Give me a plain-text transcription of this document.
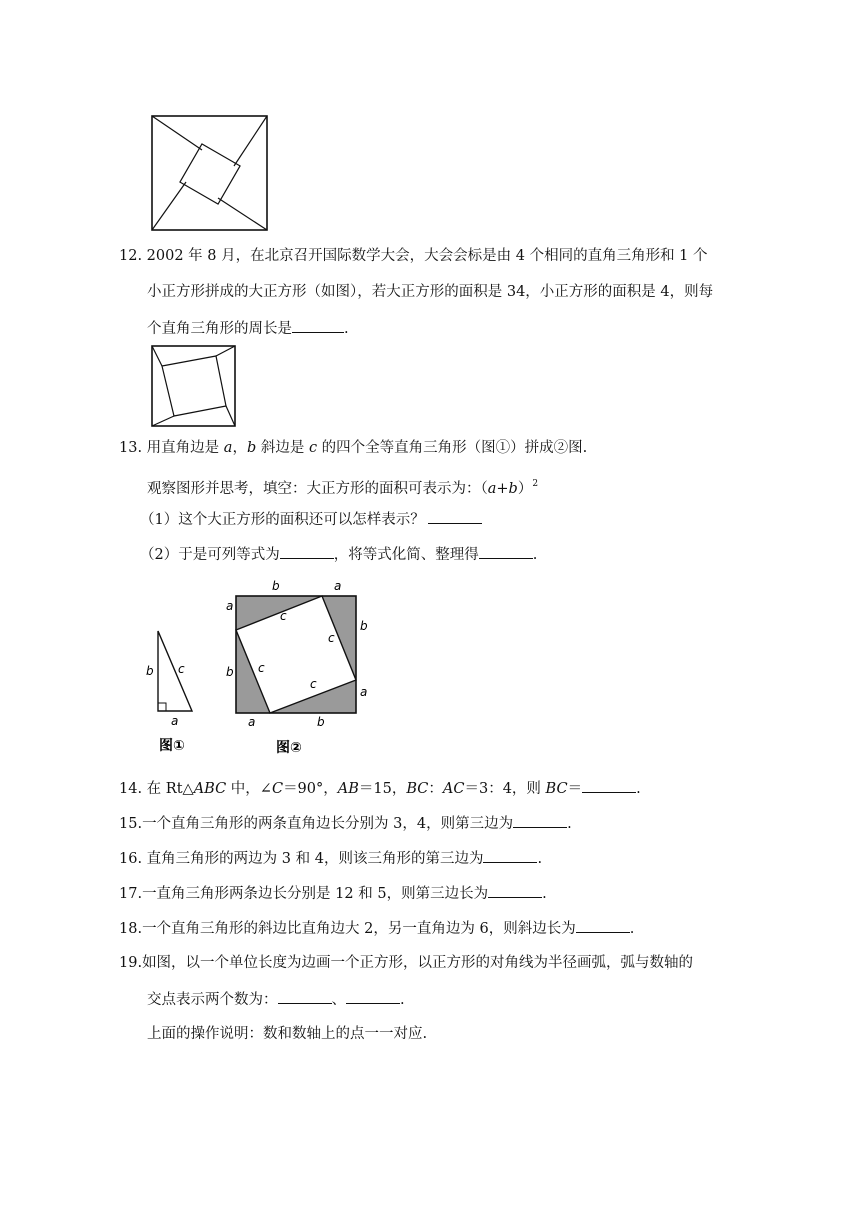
12. 2002 年 8 月，在北京召开国际数学大会，大会会标是由 4 个相同的直角三角形和 1 个
小正方形拼成的大正方形（如图），若大正方形的面积是 34，小正方形的面积是 4，则每
个直角三角形的周长是	.
13. 用直角边是 a，b 斜边是 c 的四个全等直角三角形（图①）拼成②图.
观察图形并思考，填空：大正方形的面积可表示为：$(a+b)^2$
（1）这个大正方形的面积还可以怎样表示？
（2）于是可列等式为	，将等式化简、整理得	.
b c
a
图①
b	a
a
b
b
a
a	b
c
c
c
c
图②
14. 在 Rt△ABC 中，∠C＝90°，AB＝15，BC：AC＝3：4，则 BC＝	.
15.一个直角三角形的两条直角边长分别为 3，4，则第三边为	.
16. 直角三角形的两边为 3 和 4，则该三角形的第三边为	.
17.一直角三角形两条边长分别是 12 和 5，则第三边长为	.
18.一个直角三角形的斜边比直角边大 2，另一直角边为 6，则斜边长为	.
19.如图，以一个单位长度为边画一个正方形，以正方形的对角线为半径画弧，弧与数轴的
交点表示两个数为：	、	.
上面的操作说明：数和数轴上的点一一对应.
